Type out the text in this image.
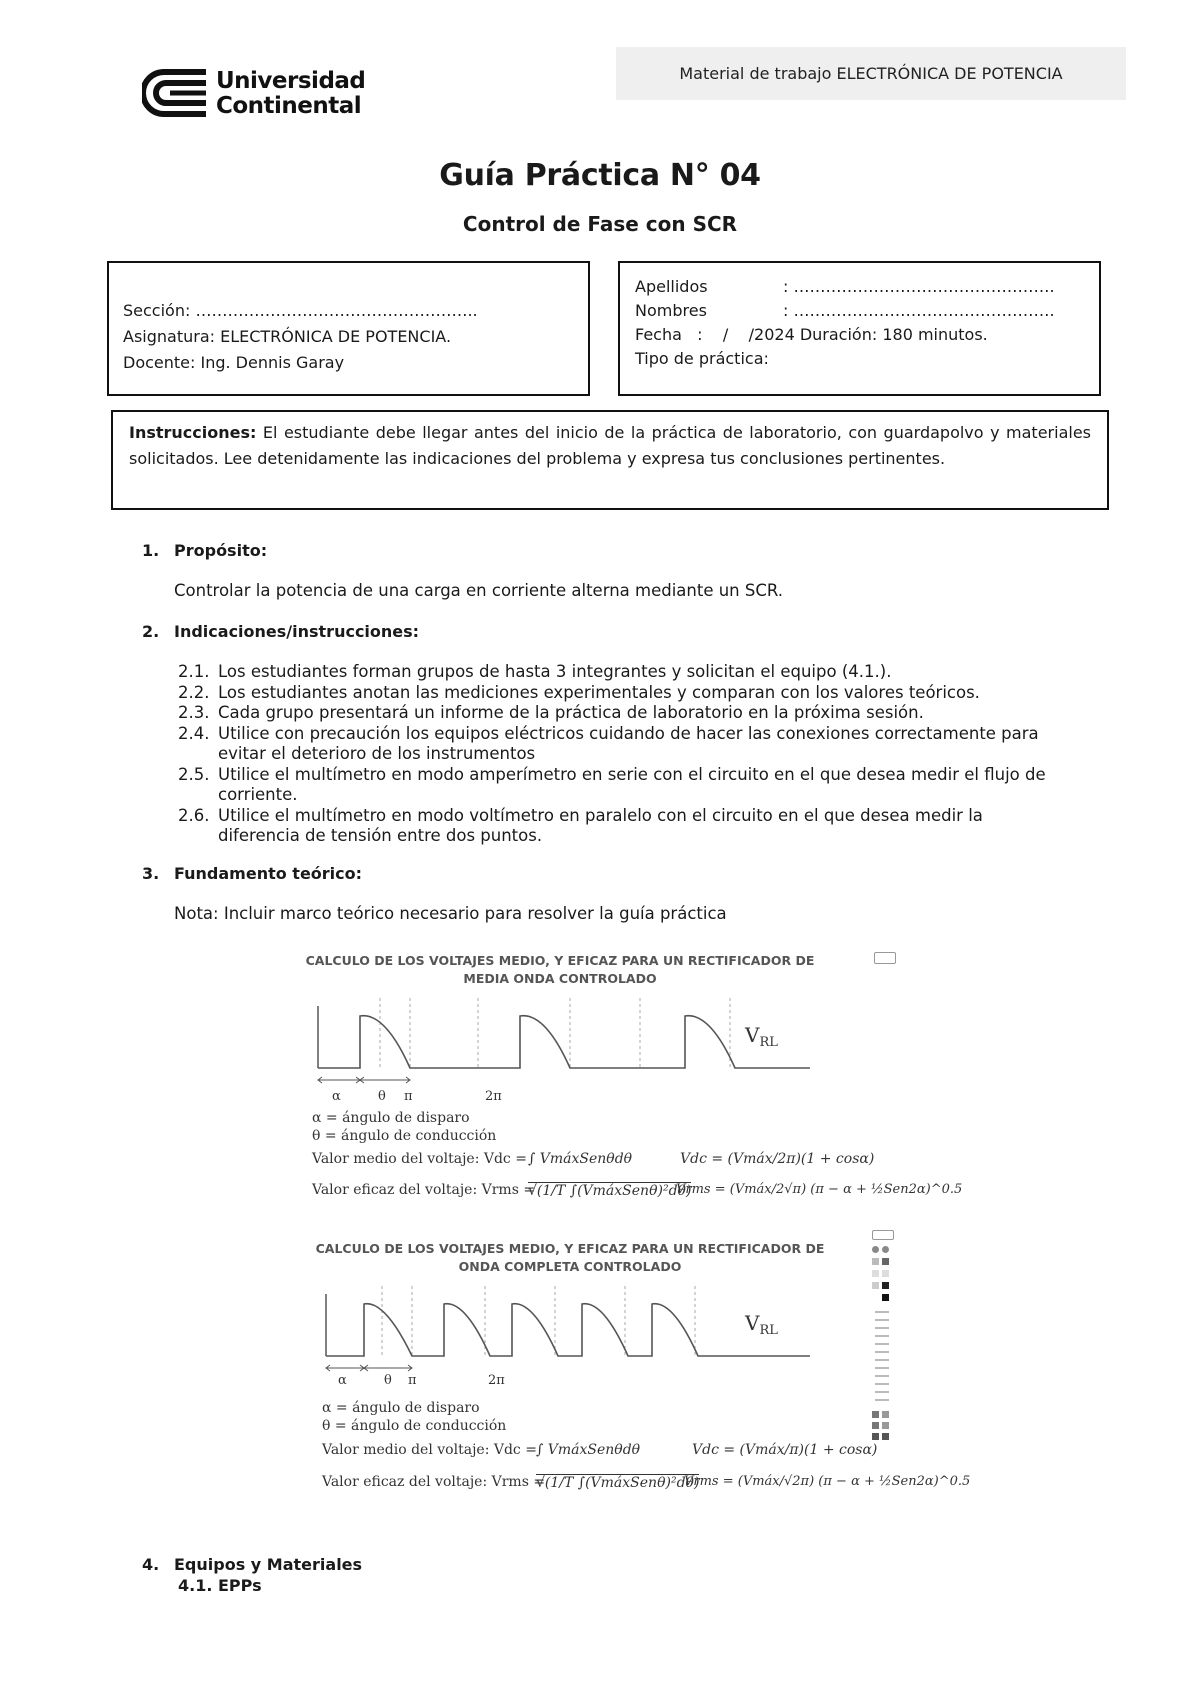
Universidad
Continental
Material de trabajo ELECTRÓNICA DE POTENCIA
Guía Práctica N° 04
Control de Fase con SCR
Sección: ……………………………………………..
Asignatura: ELECTRÓNICA DE POTENCIA.
Docente: Ing. Dennis Garay
Apellidos	: ………………………………………….
Nombres	: ………………………………………….
Fecha   :    /    /2024 Duración: 180 minutos.
Tipo de práctica:
Instrucciones: El estudiante debe llegar antes del inicio de la práctica de laboratorio, con guardapolvo y materiales solicitados. Lee detenidamente las indicaciones del problema y expresa tus conclusiones pertinentes.
1. Propósito:
Controlar la potencia de una carga en corriente alterna mediante un SCR.
2. Indicaciones/instrucciones:
2.1. Los estudiantes forman grupos de hasta 3 integrantes y solicitan el equipo (4.1.).
2.2. Los estudiantes anotan las mediciones experimentales y comparan con los valores teóricos.
2.3. Cada grupo presentará un informe de la práctica de laboratorio en la próxima sesión.
2.4. Utilice con precaución los equipos eléctricos cuidando de hacer las conexiones correctamente para evitar el deterioro de los instrumentos
2.5. Utilice el multímetro en modo amperímetro en serie con el circuito en el que desea medir el flujo de corriente.
2.6. Utilice el multímetro en modo voltímetro en paralelo con el circuito en el que desea medir la diferencia de tensión entre dos puntos.
3. Fundamento teórico:
Nota: Incluir marco teórico necesario para resolver la guía práctica
CALCULO DE LOS VOLTAJES MEDIO, Y EFICAZ PARA UN RECTIFICADOR DE
MEDIA ONDA CONTROLADO
α	θ π	2π
$V_{RL}$
α = ángulo de disparo
θ = ángulo de conducción
Valor medio del voltaje: Vdc = ∫ VmáxSenθdθ	Vdc = (Vmáx/2π)(1 + cosα)
Valor eficaz del voltaje: Vrms =
√(1/T ∫(VmáxSenθ)²dθ)
Vrms = (Vmáx/2√π) (π − α + ½Sen2α)^0.5
CALCULO DE LOS VOLTAJES MEDIO, Y EFICAZ PARA UN RECTIFICADOR DE
ONDA COMPLETA CONTROLADO
α	θ π	2π
$V_{RL}$
α = ángulo de disparo
θ = ángulo de conducción
Valor medio del voltaje: Vdc = ∫ VmáxSenθdθ	Vdc = (Vmáx/π)(1 + cosα)
Valor eficaz del voltaje: Vrms =
√(1/T ∫(VmáxSenθ)²dθ)
Vrms = (Vmáx/√2π) (π − α + ½Sen2α)^0.5
4. Equipos y Materiales
4.1. EPPs
